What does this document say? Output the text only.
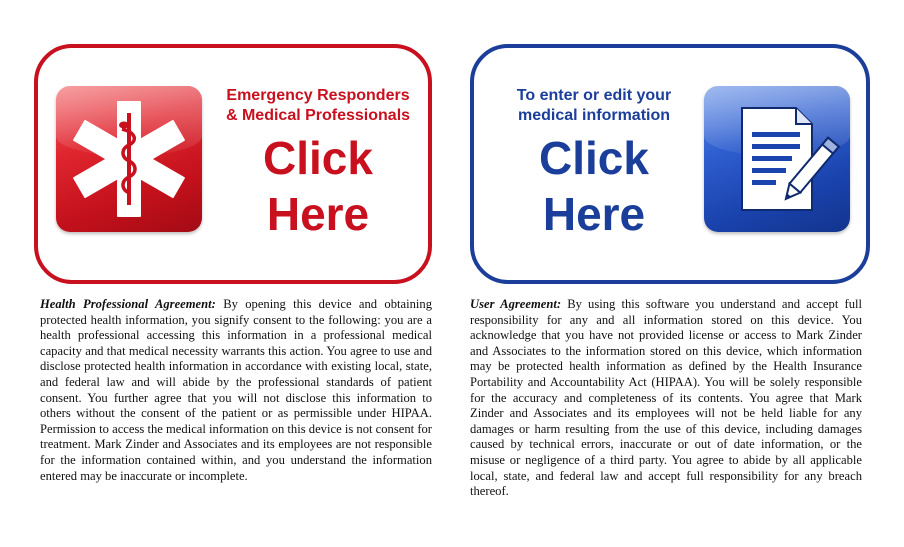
Emergency Responders
& Medical Professionals
Click
Here
To enter or edit your
medical information
Click
Here
Health Professional Agreement: By opening this device and obtaining protected health information, you signify consent to the following: you are a health professional accessing this information in a professional medical capacity and that medical necessity warrants this action. You agree to use and disclose protected health information in accordance with existing local, state, and federal law and will abide by the professional standards of patient consent. You further agree that you will not disclose this information to others without the consent of the patient or as permissible under HIPAA. Permission to access the medical information on this device is not consent for treatment. Mark Zinder and Associates and its employees are not responsible for the information contained within, and you understand the information entered may be inaccurate or incomplete.
User Agreement: By using this software you understand and accept full responsibility for any and all information stored on this device. You acknowledge that you have not provided license or access to Mark Zinder and Associates to the information stored on this device, which information may be protected health information as defined by the Health Insurance Portability and Accountability Act (HIPAA). You will be solely responsible for the accuracy and completeness of its contents. You agree that Mark Zinder and Associates and its employees will not be held liable for any damages or harm resulting from the use of this device, including damages caused by technical errors, inaccurate or out of date information, or the misuse or negligence of a third party. You agree to abide by all applicable local, state, and federal law and accept full responsibility for any breach thereof.
